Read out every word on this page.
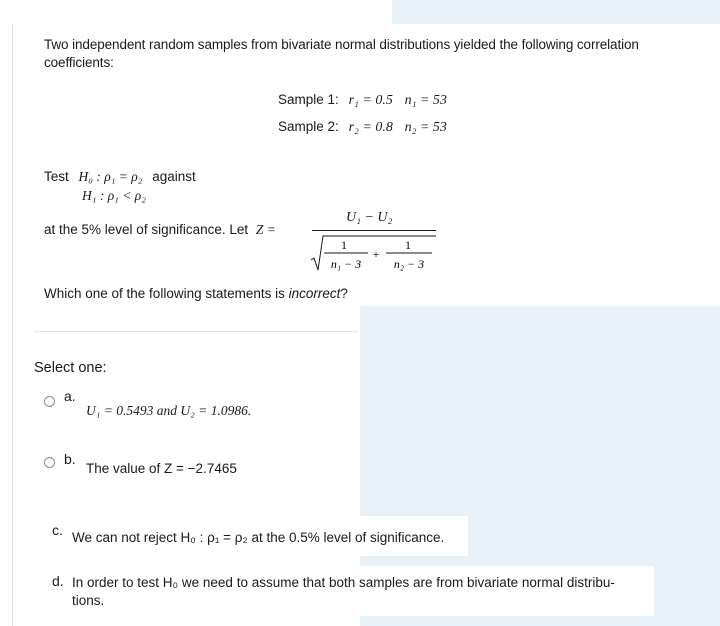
Two independent random samples from bivariate normal distributions yielded the following correlation coefficients:
Sample 1: r₁ = 0.5 n₁ = 53
Sample 2: r₂ = 0.8 n₂ = 53
Test H₀ : ρ₁ = ρ₂ against
H₁ : ρ₁ < ρ₂
at the 5% level of significance. Let Z =
U₁ − U₂
1
n₁ − 3
+
1
n₂ − 3
Which one of the following statements is incorrect?
Select one:
a.
U₁ = 0.5493 and U₂ = 1.0986.
b.
The value of Z = −2.7465
c. We can not reject H₀ : ρ₁ = ρ₂ at the 0.5% level of significance.
d. In order to test H₀ we need to assume that both samples are from bivariate normal distribu-
tions.
